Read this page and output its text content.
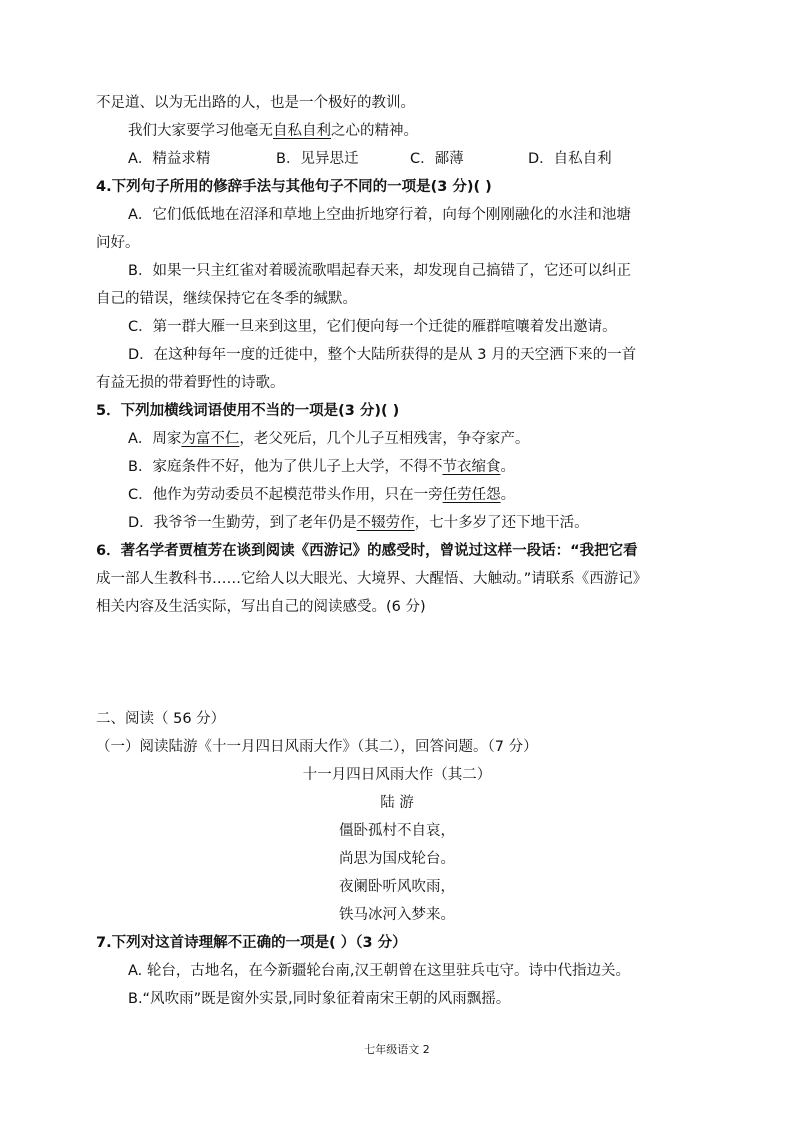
不足道、以为无出路的人，也是一个极好的教训。
我们大家要学习他毫无自私自利之心的精神。
A．精益求精	B．见异思迁	C．鄙薄	D．自私自利
4.下列句子所用的修辞手法与其他句子不同的一项是(3 分)( )
A．它们低低地在沼泽和草地上空曲折地穿行着，向每个刚刚融化的水洼和池塘
问好。
B．如果一只主红雀对着暖流歌唱起春天来，却发现自己搞错了，它还可以纠正
自己的错误，继续保持它在冬季的缄默。
C．第一群大雁一旦来到这里，它们便向每一个迁徙的雁群喧嚷着发出邀请。
D．在这种每年一度的迁徙中，整个大陆所获得的是从 3 月的天空洒下来的一首
有益无损的带着野性的诗歌。
5．下列加横线词语使用不当的一项是(3 分)( )
A．周家为富不仁，老父死后，几个儿子互相残害，争夺家产。
B．家庭条件不好，他为了供儿子上大学，不得不节衣缩食。
C．他作为劳动委员不起模范带头作用，只在一旁任劳任怨。
D．我爷爷一生勤劳，到了老年仍是不辍劳作，七十多岁了还下地干活。
6．著名学者贾植芳在谈到阅读《西游记》的感受时，曾说过这样一段话：“我把它看
成一部人生教科书……它给人以大眼光、大境界、大醒悟、大触动。”请联系《西游记》
相关内容及生活实际，写出自己的阅读感受。(6 分)
二、阅读（ 56 分）
（一）阅读陆游《十一月四日风雨大作》（其二），回答问题。（7 分）
十一月四日风雨大作（其二）
陆 游
僵卧孤村不自哀，
尚思为国戍轮台。
夜阑卧听风吹雨，
铁马冰河入梦来。
7.下列对这首诗理解不正确的一项是( ）（3 分）
A. 轮台，古地名，在今新疆轮台南,汉王朝曾在这里驻兵屯守。诗中代指边关。
B.“风吹雨”既是窗外实景,同时象征着南宋王朝的风雨飘摇。
七年级语文 2
